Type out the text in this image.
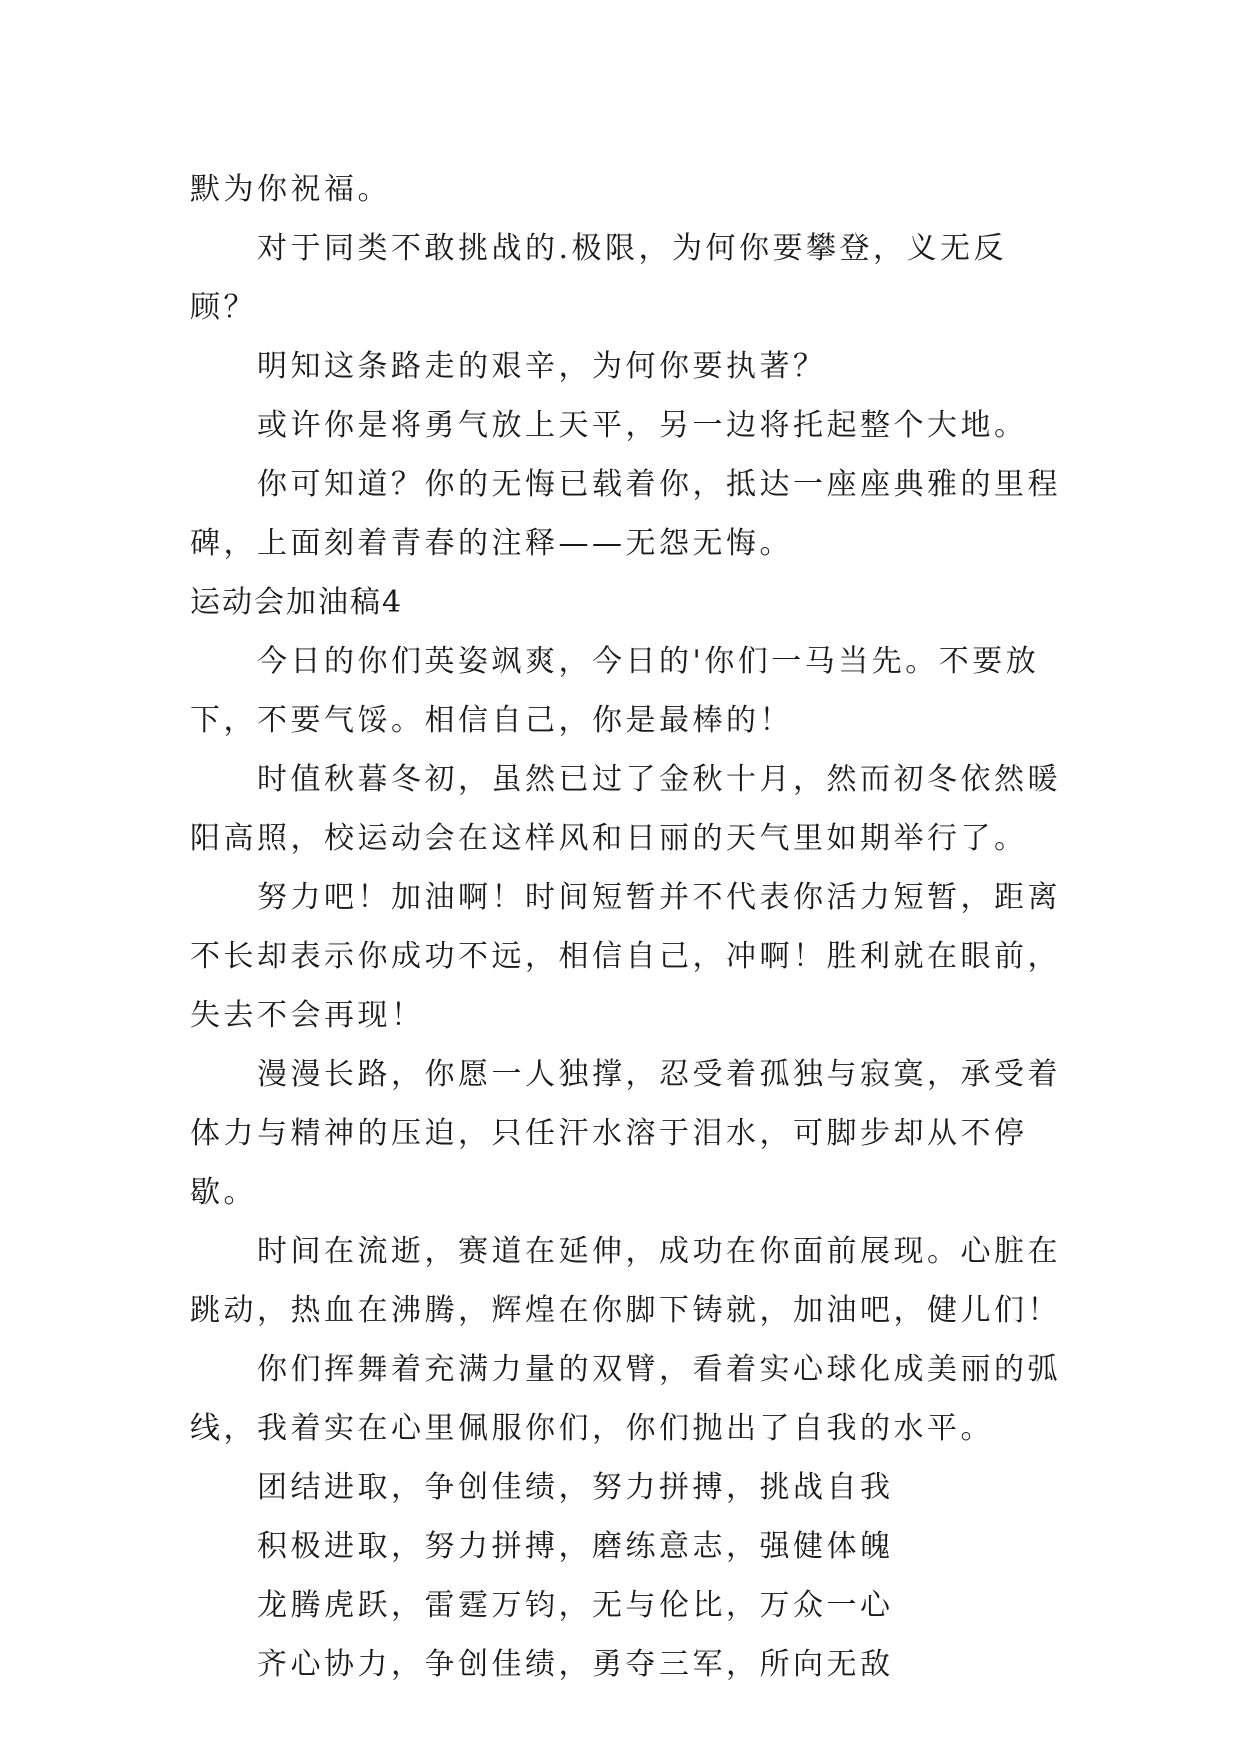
默为你祝福。

对于同类不敢挑战的.极限，为何你要攀登，义无反顾？

明知这条路走的艰辛，为何你要执著？

或许你是将勇气放上天平，另一边将托起整个大地。

你可知道？你的无悔已载着你，抵达一座座典雅的里程碑，上面刻着青春的注释——无怨无悔。

运动会加油稿4

今日的你们英姿飒爽，今日的'你们一马当先。不要放下，不要气馁。相信自己，你是最棒的！

时值秋暮冬初，虽然已过了金秋十月，然而初冬依然暖阳高照，校运动会在这样风和日丽的天气里如期举行了。

努力吧！加油啊！时间短暂并不代表你活力短暂，距离不长却表示你成功不远，相信自己，冲啊！胜利就在眼前，失去不会再现！

漫漫长路，你愿一人独撑，忍受着孤独与寂寞，承受着体力与精神的压迫，只任汗水溶于泪水，可脚步却从不停歇。

时间在流逝，赛道在延伸，成功在你面前展现。心脏在跳动，热血在沸腾，辉煌在你脚下铸就，加油吧，健儿们！

你们挥舞着充满力量的双臂，看着实心球化成美丽的弧线，我着实在心里佩服你们，你们抛出了自我的水平。

团结进取，争创佳绩，努力拼搏，挑战自我

积极进取，努力拼搏，磨练意志，强健体魄

龙腾虎跃，雷霆万钧，无与伦比，万众一心

齐心协力，争创佳绩，勇夺三军，所向无敌
